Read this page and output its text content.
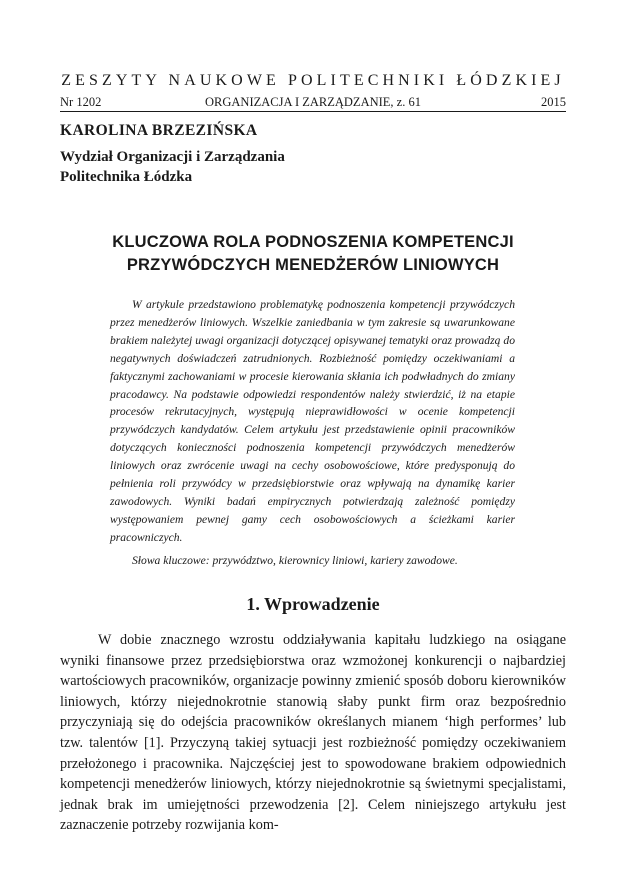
ZESZYTY NAUKOWE POLITECHNIKI ŁÓDZKIEJ
Nr 1202	ORGANIZACJA I ZARZĄDZANIE, z. 61	2015
KAROLINA BRZEZIŃSKA
Wydział Organizacji i Zarządzania
Politechnika Łódzka
KLUCZOWA ROLA PODNOSZENIA KOMPETENCJI
PRZYWÓDCZYCH MENEDŻERÓW LINIOWYCH

W artykule przedstawiono problematykę podnoszenia kompetencji przywódczych przez menedżerów liniowych. Wszelkie zaniedbania w tym zakresie są uwarunkowane brakiem należytej uwagi organizacji dotyczącej opisywanej tematyki oraz prowadzą do negatywnych doświadczeń zatrudnionych. Rozbieżność pomiędzy oczekiwaniami a faktycznymi zachowaniami w procesie kierowania skłania ich podwładnych do zmiany pracodawcy. Na podstawie odpowiedzi respondentów należy stwierdzić, iż na etapie procesów rekrutacyjnych, występują nieprawidłowości w ocenie kompetencji przywódczych kandydatów. Celem artykułu jest przedstawienie opinii pracowników dotyczących konieczności podnoszenia kompetencji przywódczych menedżerów liniowych oraz zwrócenie uwagi na cechy osobowościowe, które predysponują do pełnienia roli przywódcy w przedsiębiorstwie oraz wpływają na dynamikę karier zawodowych. Wyniki badań empirycznych potwierdzają zależność pomiędzy występowaniem pewnej gamy cech osobowościowych a ścieżkami karier pracowniczych.

Słowa kluczowe: przywództwo, kierownicy liniowi, kariery zawodowe.

1. Wprowadzenie

W dobie znacznego wzrostu oddziaływania kapitału ludzkiego na osiągane wyniki finansowe przez przedsiębiorstwa oraz wzmożonej konkurencji o najbardziej wartościowych pracowników, organizacje powinny zmienić sposób doboru kierowników liniowych, którzy niejednokrotnie stanowią słaby punkt firm oraz bezpośrednio przyczyniają się do odejścia pracowników określanych mianem ‘high performes’ lub tzw. talentów [1]. Przyczyną takiej sytuacji jest rozbieżność pomiędzy oczekiwaniem przełożonego i pracownika. Najczęściej jest to spowodowane brakiem odpowiednich kompetencji menedżerów liniowych, którzy niejednokrotnie są świetnymi specjalistami, jednak brak im umiejętności przewodzenia [2]. Celem niniejszego artykułu jest zaznaczenie potrzeby rozwijania kom-
